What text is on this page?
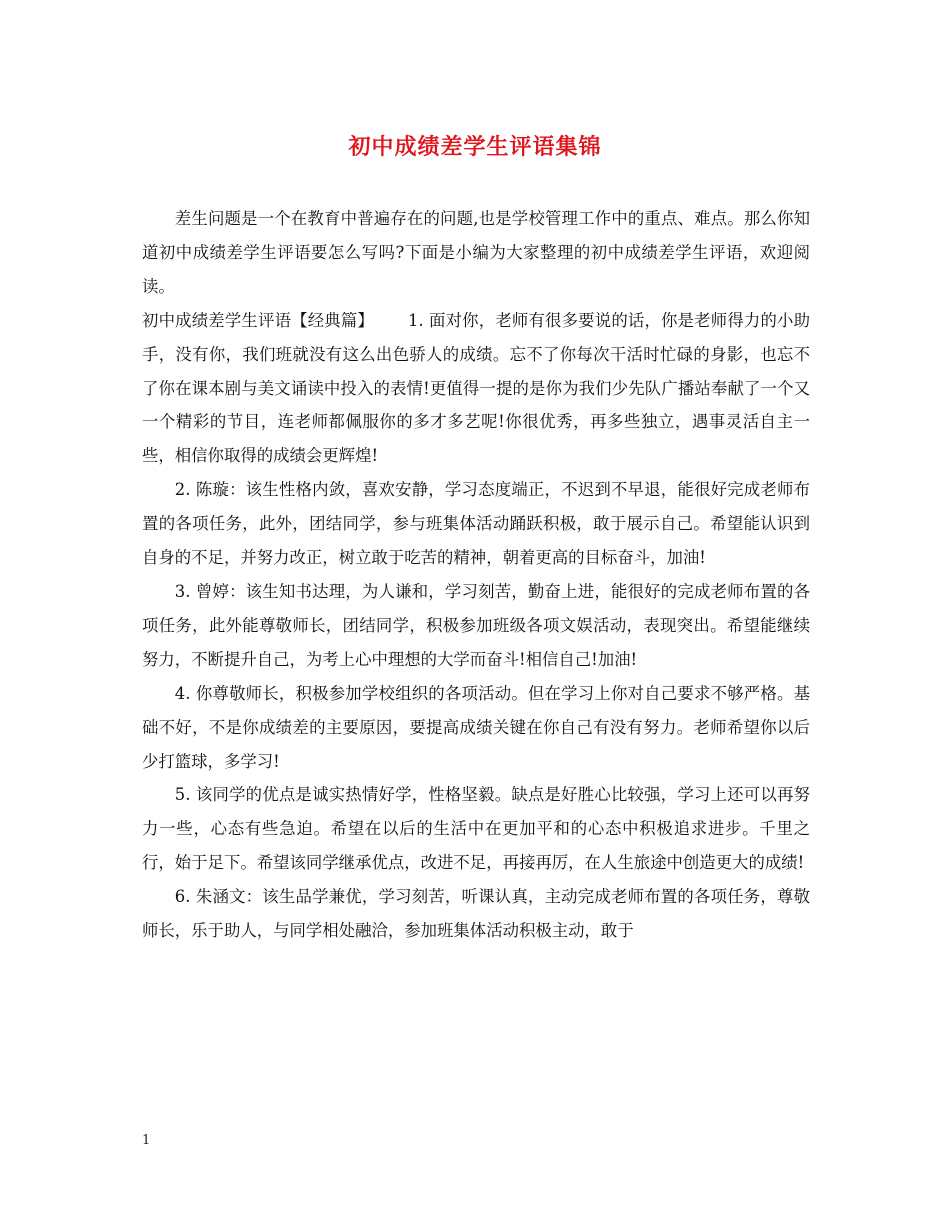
初中成绩差学生评语集锦

差生问题是一个在教育中普遍存在的问题,也是学校管理工作中的重点、难点。那么你知道初中成绩差学生评语要怎么写吗?下面是小编为大家整理的初中成绩差学生评语，欢迎阅读。

初中成绩差学生评语【经典篇】 1. 面对你，老师有很多要说的话，你是老师得力的小助手，没有你，我们班就没有这么出色骄人的成绩。忘不了你每次干活时忙碌的身影，也忘不了你在课本剧与美文诵读中投入的表情!更值得一提的是你为我们少先队广播站奉献了一个又一个精彩的节目，连老师都佩服你的多才多艺呢!你很优秀，再多些独立，遇事灵活自主一些，相信你取得的成绩会更辉煌!

2. 陈璇：该生性格内敛，喜欢安静，学习态度端正，不迟到不早退，能很好完成老师布置的各项任务，此外，团结同学，参与班集体活动踊跃积极，敢于展示自己。希望能认识到自身的不足，并努力改正，树立敢于吃苦的精神，朝着更高的目标奋斗，加油!

3. 曾婷：该生知书达理，为人谦和，学习刻苦，勤奋上进，能很好的完成老师布置的各项任务，此外能尊敬师长，团结同学，积极参加班级各项文娱活动，表现突出。希望能继续努力，不断提升自己，为考上心中理想的大学而奋斗!相信自己!加油!

4. 你尊敬师长，积极参加学校组织的各项活动。但在学习上你对自己要求不够严格。基础不好，不是你成绩差的主要原因，要提高成绩关键在你自己有没有努力。老师希望你以后少打篮球，多学习!

5. 该同学的优点是诚实热情好学，性格坚毅。缺点是好胜心比较强，学习上还可以再努力一些，心态有些急迫。希望在以后的生活中在更加平和的心态中积极追求进步。千里之行，始于足下。希望该同学继承优点，改进不足，再接再厉，在人生旅途中创造更大的成绩!

6. 朱涵文：该生品学兼优，学习刻苦，听课认真，主动完成老师布置的各项任务，尊敬师长，乐于助人，与同学相处融洽，参加班集体活动积极主动，敢于

1
